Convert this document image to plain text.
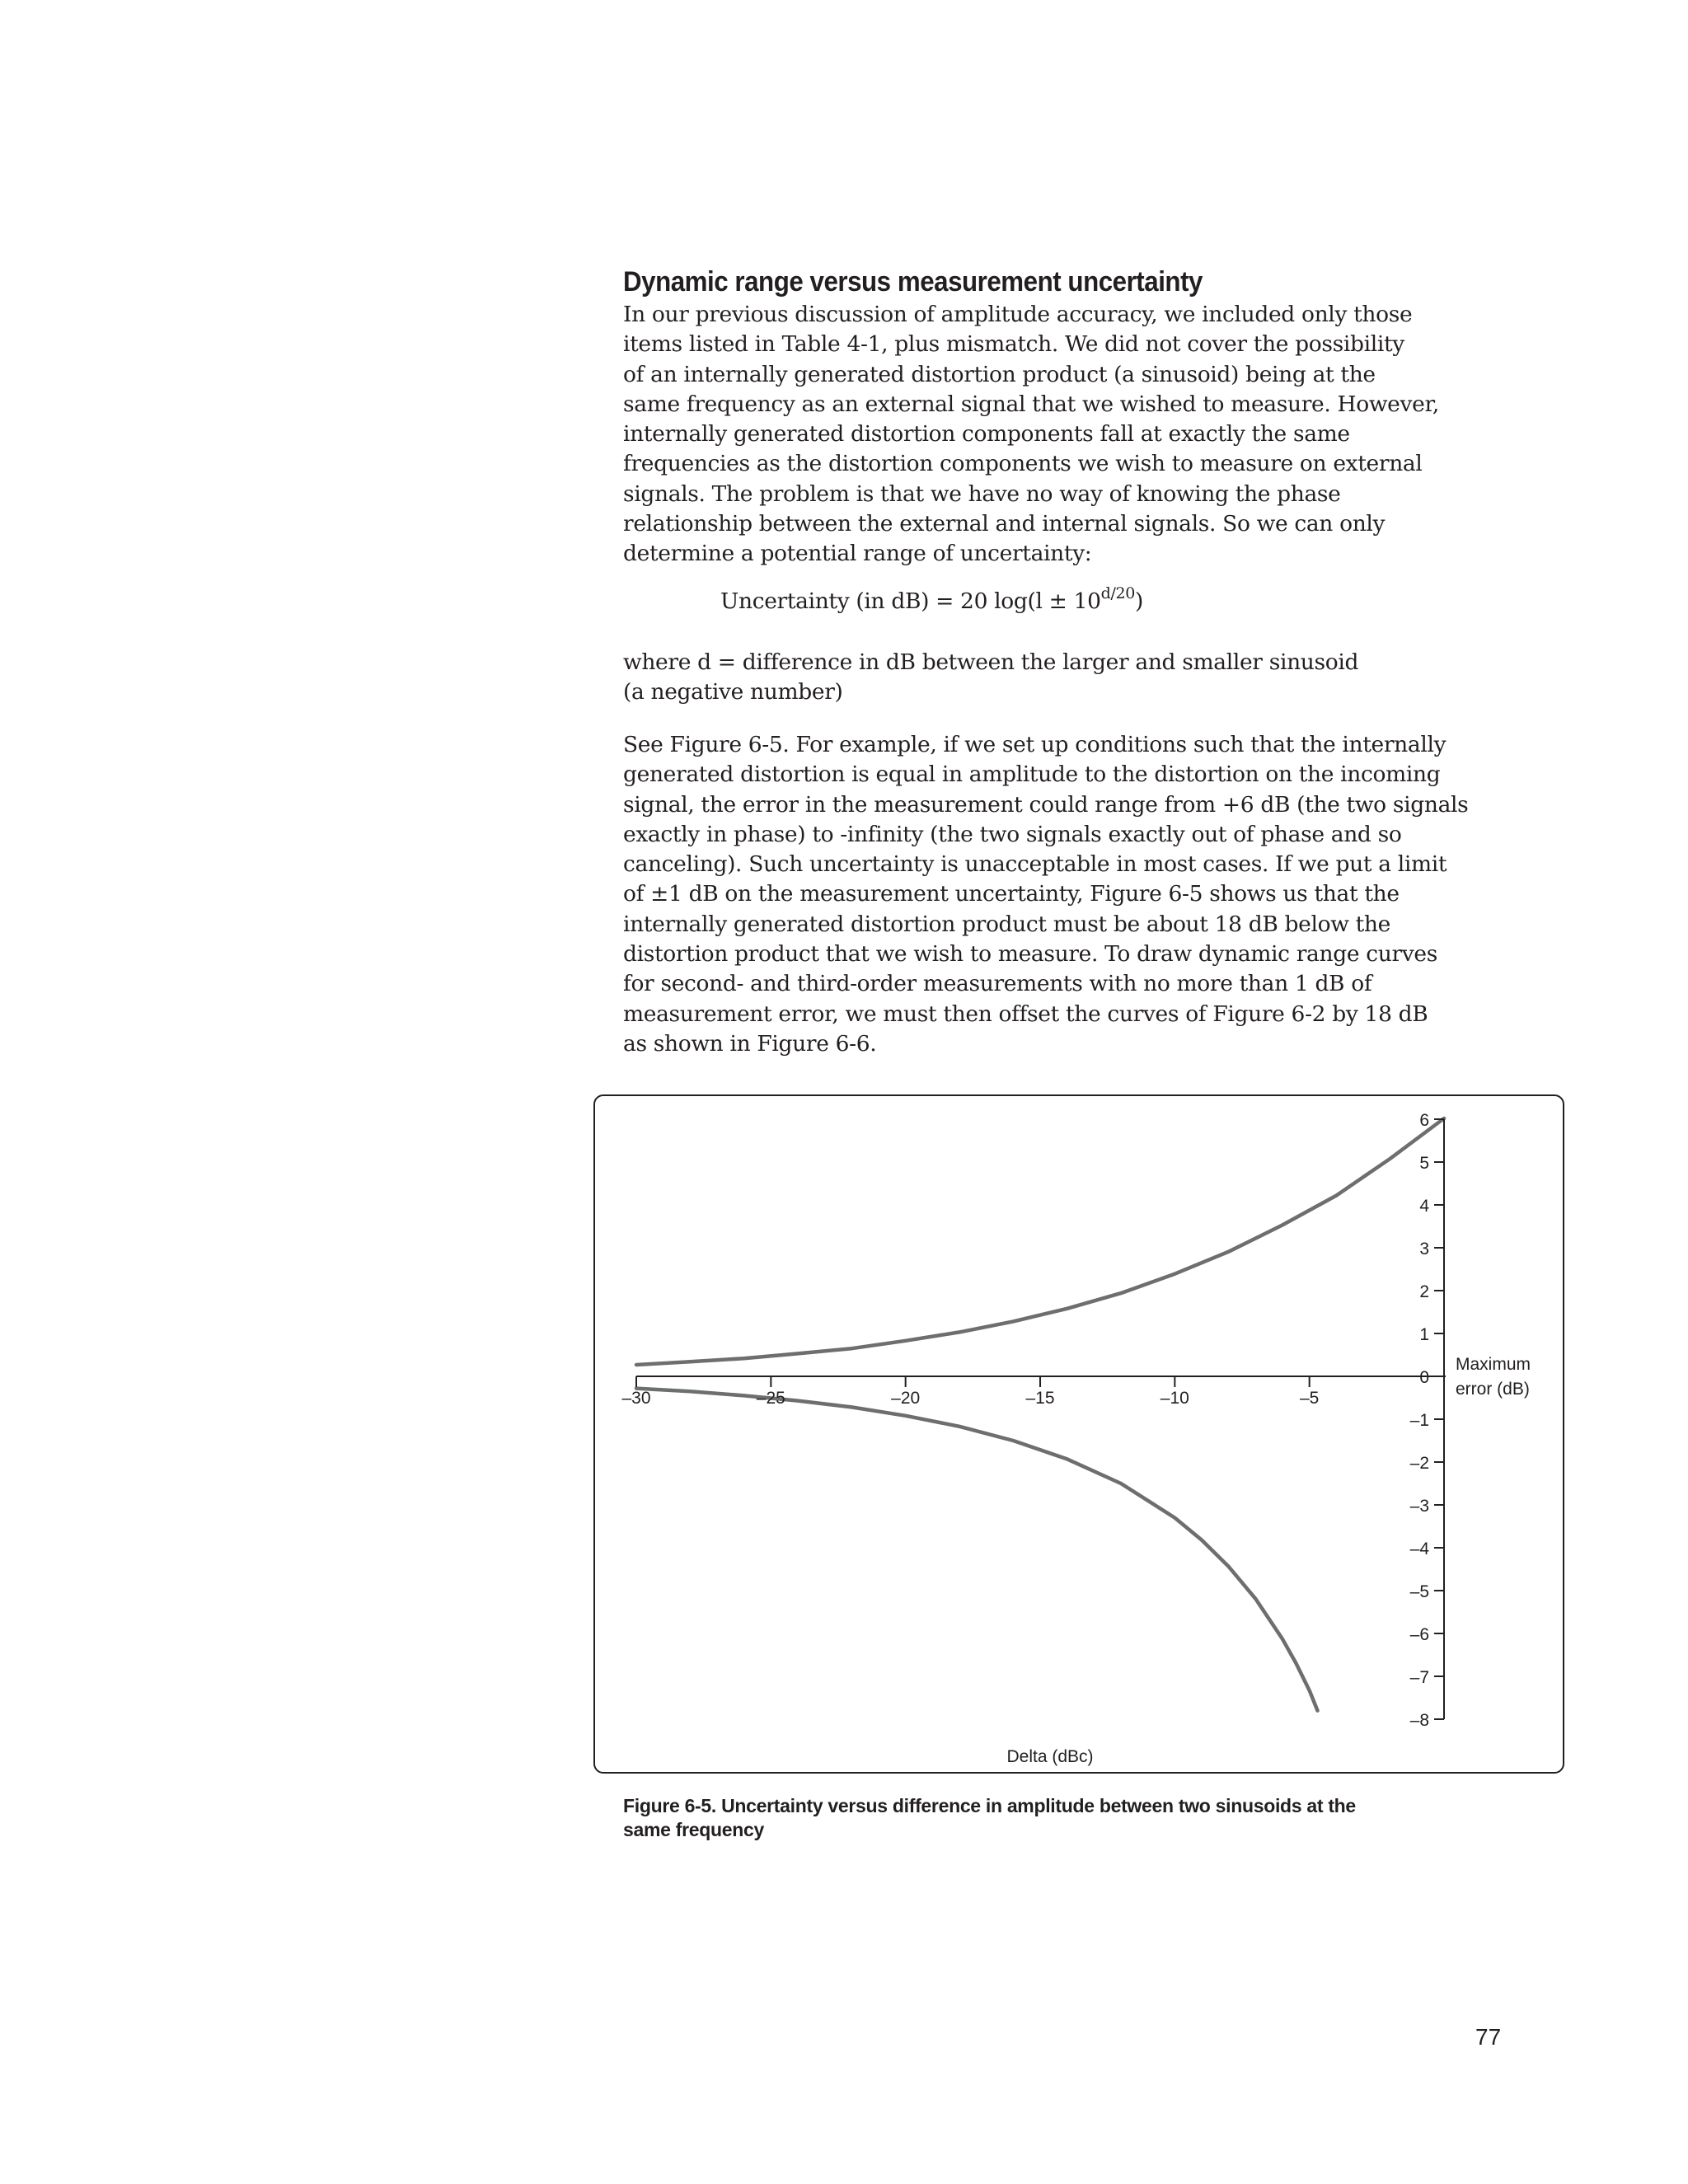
Dynamic range versus measurement uncertainty
In our previous discussion of amplitude accuracy, we included only those
items listed in Table 4-1, plus mismatch. We did not cover the possibility
of an internally generated distortion product (a sinusoid) being at the
same frequency as an external signal that we wished to measure. However,
internally generated distortion components fall at exactly the same
frequencies as the distortion components we wish to measure on external
signals. The problem is that we have no way of knowing the phase
relationship between the external and internal signals. So we can only
determine a potential range of uncertainty:

Uncertainty (in dB) = 20 $\log(l \pm 10^{d/20})$

where d = difference in dB between the larger and smaller sinusoid
(a negative number)
See Figure 6-5. For example, if we set up conditions such that the internally
generated distortion is equal in amplitude to the distortion on the incoming
signal, the error in the measurement could range from +6 dB (the two signals
exactly in phase) to -infinity (the two signals exactly out of phase and so
canceling). Such uncertainty is unacceptable in most cases. If we put a limit
of ±1 dB on the measurement uncertainty, Figure 6-5 shows us that the
internally generated distortion product must be about 18 dB below the
distortion product that we wish to measure. To draw dynamic range curves
for second- and third-order measurements with no more than 1 dB of
measurement error, we must then offset the curves of Figure 6-2 by 18 dB
as shown in Figure 6-6.
–30	–25	–20	–15	–10	–5
6
5
4
3
2
1
0
–1
–2
–3
–4
–5
–6
–7
–8
Maximum
error (dB)
Delta (dBc)
Figure 6-5. Uncertainty versus difference in amplitude between two sinusoids at the
same frequency

77
